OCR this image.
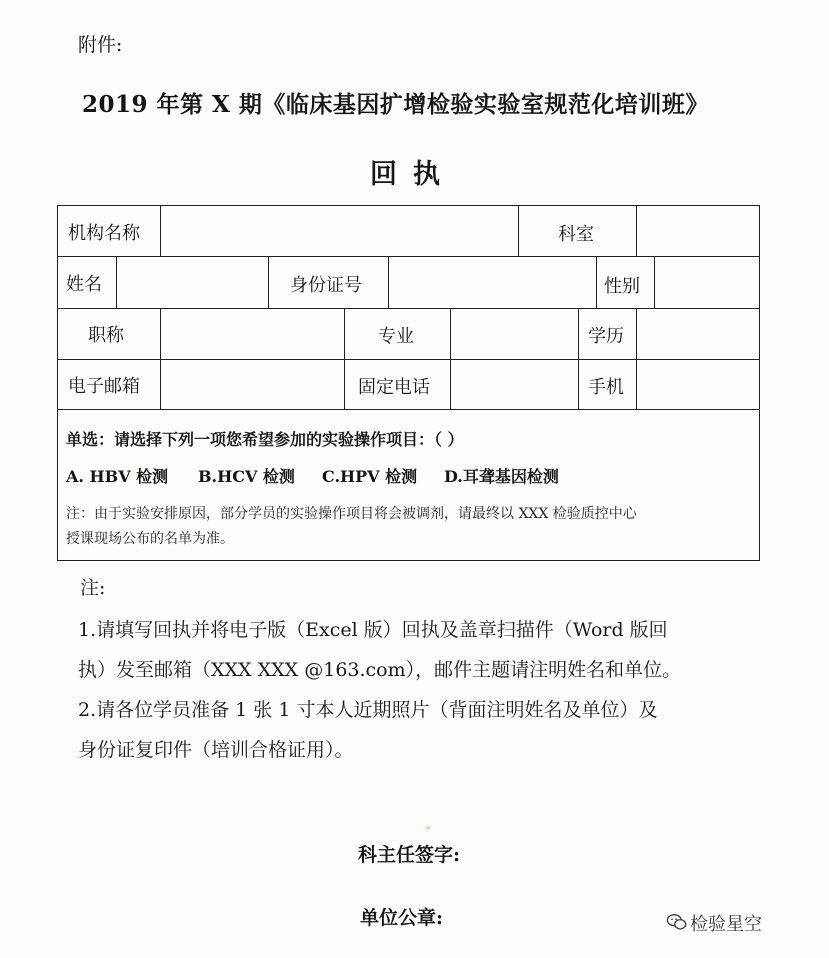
附件:
2019 年第 X 期《临床基因扩增检验实验室规范化培训班》
回执
机构名称	科室
姓名	身份证号	性别
职称	专业	学历
电子邮箱	固定电话	手机
单选：请选择下列一项您希望参加的实验操作项目：（ ）
A. HBV 检测 B.HCV 检测 C.HPV 检测 D.耳聋基因检测
注：由于实验安排原因，部分学员的实验操作项目将会被调剂，请最终以 XXX 检验质控中心
授课现场公布的名单为准。
注:
1.请填写回执并将电子版（Excel 版）回执及盖章扫描件（Word 版回
执）发至邮箱（XXX XXX @163.com），邮件主题请注明姓名和单位。
2.请各位学员准备 1 张 1 寸本人近期照片（背面注明姓名及单位）及
身份证复印件（培训合格证用）。
科主任签字:
单位公章:
ˇ
检验星空
